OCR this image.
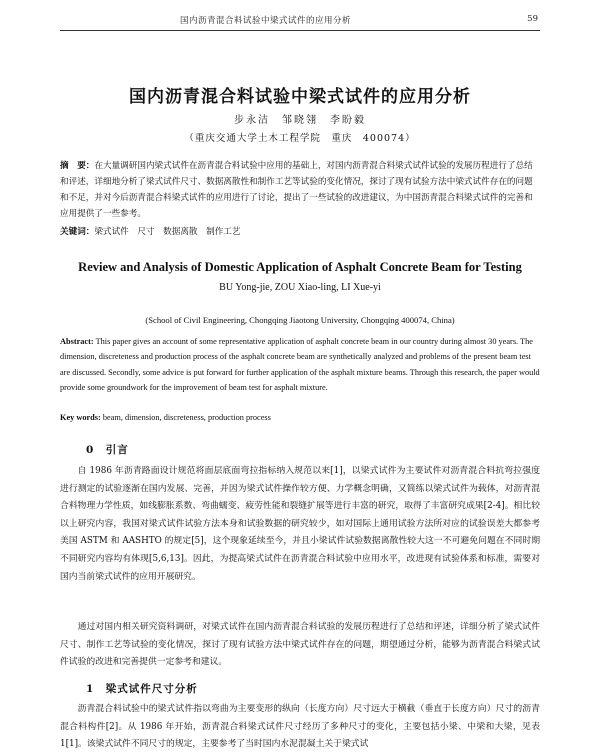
国内沥青混合料试验中梁式试件的应用分析	59
国内沥青混合料试验中梁式试件的应用分析
步永洁　邹晓翎　李盼毅
（重庆交通大学土木工程学院　重庆　400074）
摘　要：在大量调研国内梁式试件在沥青混合料试验中应用的基础上，对国内沥青混合料梁式试件试验的发展历程进行了总结和评述，详细地分析了梁式试件尺寸、数据离散性和制作工艺等试验的变化情况，探讨了现有试验方法中梁式试件存在的问题和不足，并对今后沥青混合料梁式试件的应用进行了讨论，提出了一些试验的改进建议，为中国沥青混合料梁式试件的完善和应用提供了一些参考。
关键词：梁式试件　尺寸　数据离散　制作工艺
Review and Analysis of Domestic Application of Asphalt Concrete Beam for Testing
BU Yong-jie, ZOU Xiao-ling, LI Xue-yi
(School of Civil Engineering, Chongqing Jiaotong University, Chongqing 400074, China)
Abstract: This paper gives an account of some representative application of asphalt concrete beam in our country during almost 30 years. The dimension, discreteness and production process of the asphalt concrete beam are synthetically analyzed and problems of the present beam test are discussed. Secondly, some advice is put forward for further application of the asphalt mixture beams. Through this research, the paper would provide some groundwork for the improvement of beam test for asphalt mixture.
Key words: beam, dimension, discreteness, production process
0　引言
自 1986 年沥青路面设计规范将面层底面弯拉指标纳入规范以来[1]，以梁式试件为主要试件对沥青混合料抗弯拉强度进行测定的试验逐渐在国内发展、完善，并因为梁式试件操作较方便、力学概念明确，又简练以梁式试件为载体，对沥青混合料物理力学性质，如线膨胀系数、弯曲蠕变、疲劳性能和裂缝扩展等进行丰富的研究，取得了丰富研究成果[2-4]。相比较以上研究内容，我国对梁式试件试验方法本身和试验数据的研究较少，如对国际上通用试验方法所对应的试验误差大都参考美国 ASTM 和 AASHTO 的规定[5]，这个现象延续至今，并且小梁试件试验数据离散性较大这一不可避免问题在不同时期不同研究内容均有体现[5,6,13]。因此，为提高梁式试件在沥青混合料试验中应用水平，改进现有试验体系和标准，需要对国内当前梁式试件的应用开展研究。
通过对国内相关研究资料调研，对梁式试件在国内沥青混合料试验的发展历程进行了总结和评述，详细分析了梁式试件尺寸、制作工艺等试验的变化情况，探讨了现有试验方法中梁式试件存在的问题，期望通过分析，能够为沥青混合料梁式试件试验的改进和完善提供一定参考和建议。
1　梁式试件尺寸分析
沥青混合料试验中的梁式试件指以弯曲为主要变形的纵向（长度方向）尺寸远大于横截（垂直于长度方向）尺寸的沥青混合料构件[2]。从 1986 年开始，沥青混合料梁式试件尺寸经历了多种尺寸的变化，主要包括小梁、中梁和大梁，见表 1[1]。该梁式试件不同尺寸的规定，主要参考了当时国内水泥混凝土关于梁式试
